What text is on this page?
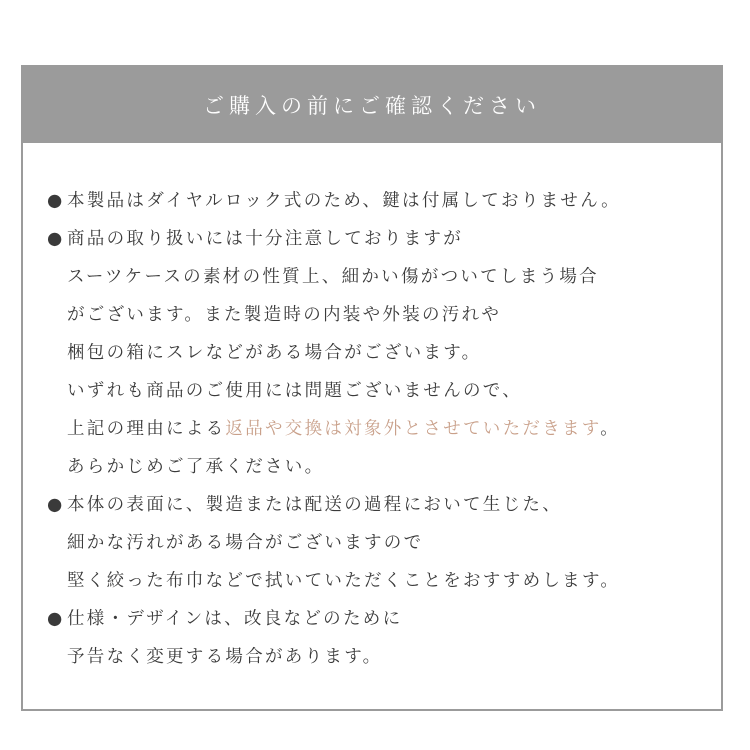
ご購入の前にご確認ください
● 本製品はダイヤルロック式のため、鍵は付属しておりません。
● 商品の取り扱いには十分注意しておりますが
スーツケースの素材の性質上、細かい傷がついてしまう場合
がございます。また製造時の内装や外装の汚れや
梱包の箱にスレなどがある場合がございます。
いずれも商品のご使用には問題ございませんので、
上記の理由による返品や交換は対象外とさせていただきます。
あらかじめご了承ください。
● 本体の表面に、製造または配送の過程において生じた、
細かな汚れがある場合がございますので
堅く絞った布巾などで拭いていただくことをおすすめします。
● 仕様・デザインは、改良などのために
予告なく変更する場合があります。
